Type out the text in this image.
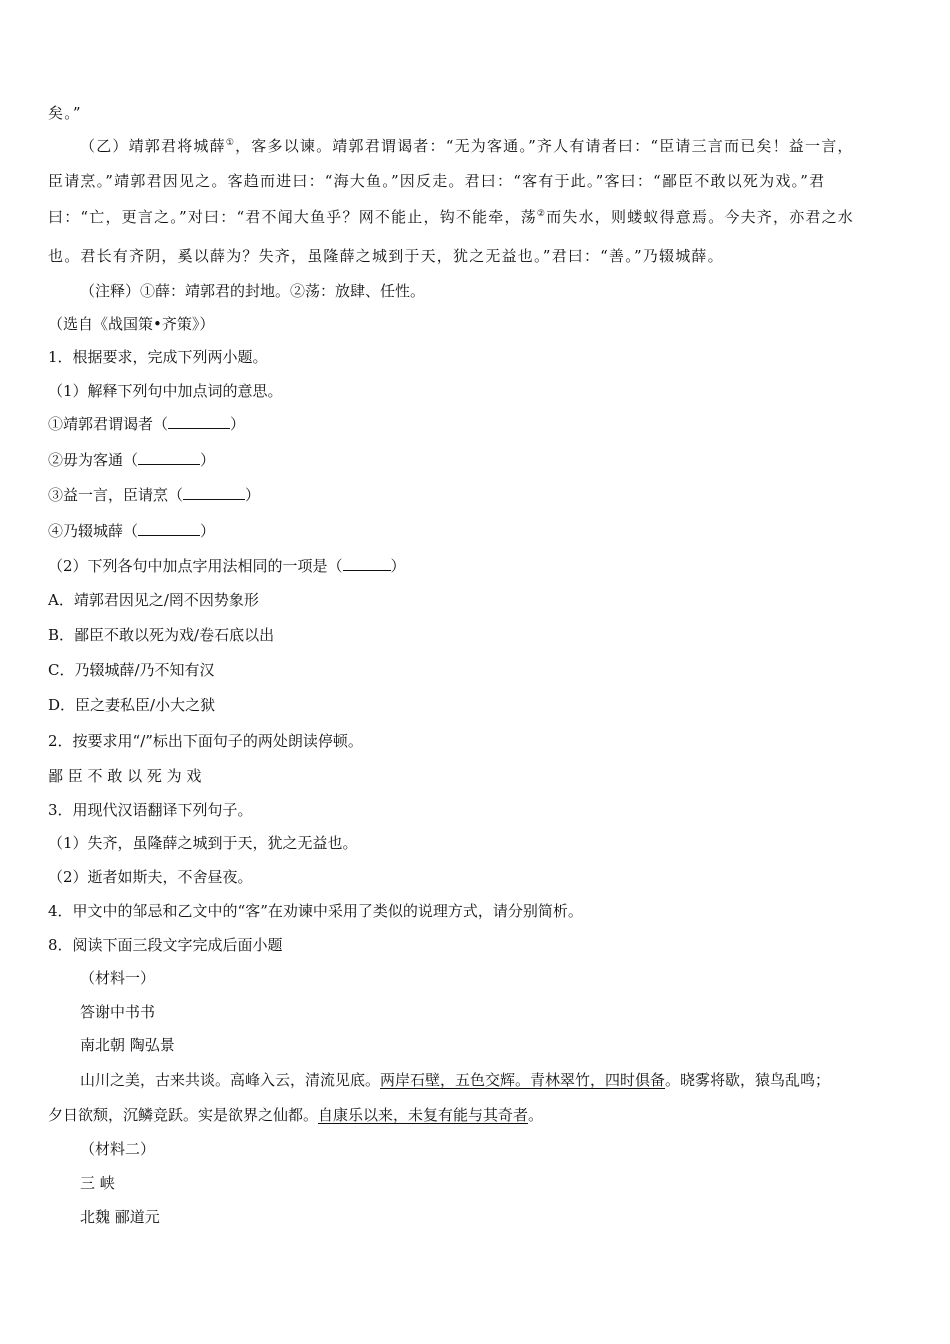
矣。”
（乙）靖郭君将城薛①，客多以谏。靖郭君谓谒者：“无为客通。”齐人有请者曰：“臣请三言而已矣！益一言，
臣请烹。”靖郭君因见之。客趋而进曰：“海大鱼。”因反走。君曰：“客有于此。”客曰：“鄙臣不敢以死为戏。”君
曰：“亡，更言之。”对曰：“君不闻大鱼乎？网不能止，钩不能牵，荡②而失水，则蝼蚁得意焉。今夫齐，亦君之水
也。君长有齐阴，奚以薛为？失齐，虽隆薛之城到于天，犹之无益也。”君曰：“善。”乃辍城薛。
（注释）①薛：靖郭君的封地。②荡：放肆、任性。
（选自《战国策•齐策》）
1．根据要求，完成下列两小题。
（1）解释下列句中加点词的意思。
①靖郭君谓谒者（	）
②毋为客通（	）
③益一言，臣请烹（	）
④乃辍城薛（	）
（2）下列各句中加点字用法相同的一项是（	）
A．靖郭君因见之/罔不因势象形
B．鄙臣不敢以死为戏/卷石底以出
C．乃辍城薛/乃不知有汉
D．臣之妻私臣/小大之狱
2．按要求用“/”标出下面句子的两处朗读停顿。
鄙 臣 不 敢 以 死 为 戏
3．用现代汉语翻译下列句子。
（1）失齐，虽隆薛之城到于天，犹之无益也。
（2）逝者如斯夫，不舍昼夜。
4．甲文中的邹忌和乙文中的“客”在劝谏中采用了类似的说理方式，请分别简析。
8．阅读下面三段文字完成后面小题
（材料一）
答谢中书书
南北朝 陶弘景
山川之美，古来共谈。高峰入云，清流见底。两岸石壁，五色交辉。青林翠竹，四时俱备。晓雾将歇，猿鸟乱鸣；
夕日欲颓，沉鳞竞跃。实是欲界之仙都。自康乐以来，未复有能与其奇者。
（材料二）
三 峡
北魏 郦道元
